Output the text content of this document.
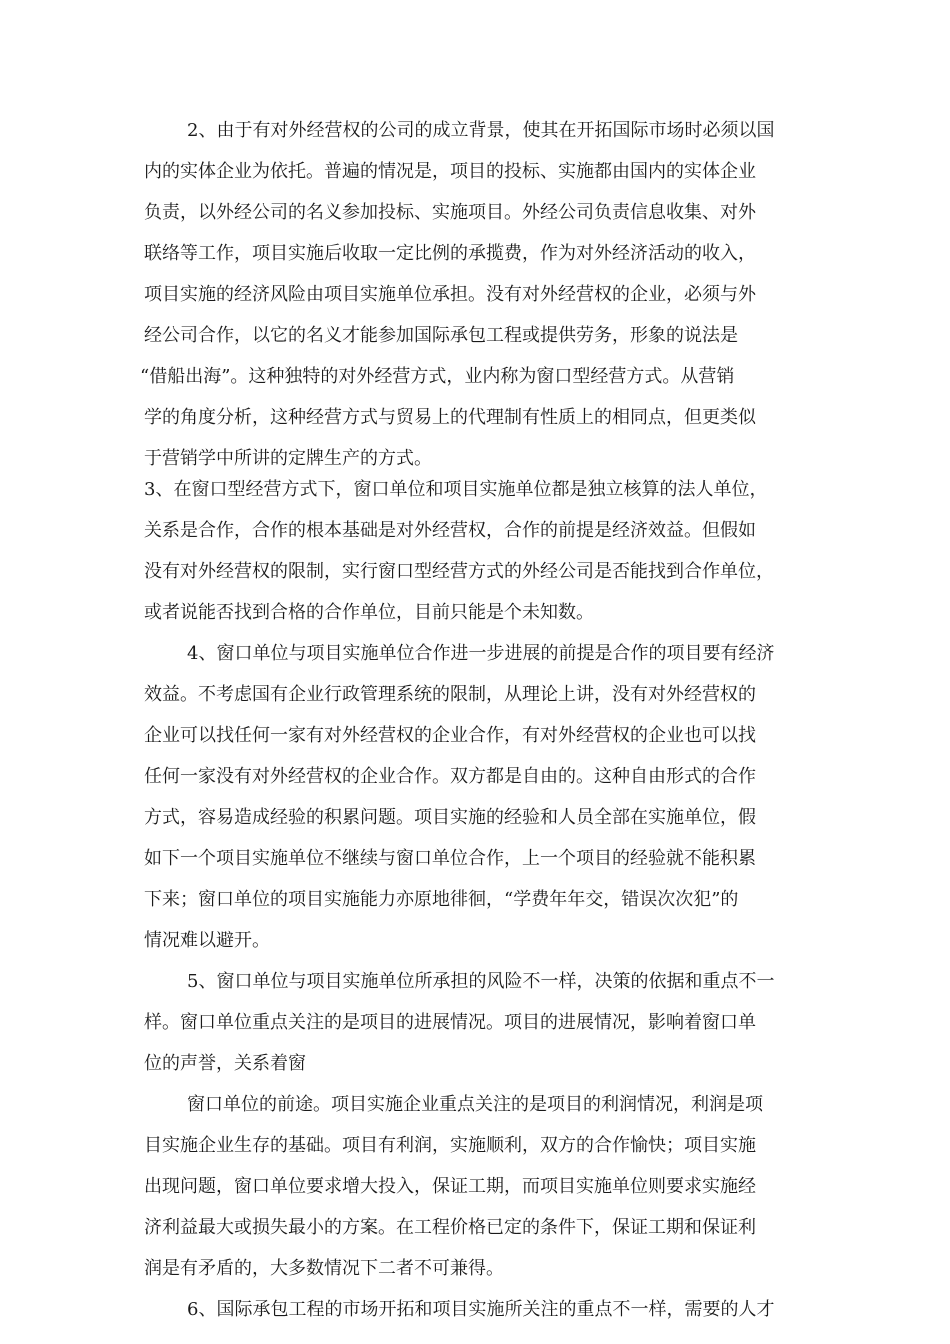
2、由于有对外经营权的公司的成立背景，使其在开拓国际市场时必须以国
内的实体企业为依托。普遍的情况是，项目的投标、实施都由国内的实体企业
负责，以外经公司的名义参加投标、实施项目。外经公司负责信息收集、对外
联络等工作，项目实施后收取一定比例的承揽费，作为对外经济活动的收入，
项目实施的经济风险由项目实施单位承担。没有对外经营权的企业，必须与外
经公司合作，以它的名义才能参加国际承包工程或提供劳务，形象的说法是
“借船出海”。这种独特的对外经营方式，业内称为窗口型经营方式。从营销
学的角度分析，这种经营方式与贸易上的代理制有性质上的相同点，但更类似
于营销学中所讲的定牌生产的方式。
3、在窗口型经营方式下，窗口单位和项目实施单位都是独立核算的法人单位，
关系是合作，合作的根本基础是对外经营权，合作的前提是经济效益。但假如
没有对外经营权的限制，实行窗口型经营方式的外经公司是否能找到合作单位，
或者说能否找到合格的合作单位，目前只能是个未知数。
4、窗口单位与项目实施单位合作进一步进展的前提是合作的项目要有经济
效益。不考虑国有企业行政管理系统的限制，从理论上讲，没有对外经营权的
企业可以找任何一家有对外经营权的企业合作，有对外经营权的企业也可以找
任何一家没有对外经营权的企业合作。双方都是自由的。这种自由形式的合作
方式，容易造成经验的积累问题。项目实施的经验和人员全部在实施单位，假
如下一个项目实施单位不继续与窗口单位合作，上一个项目的经验就不能积累
下来；窗口单位的项目实施能力亦原地徘徊，“学费年年交，错误次次犯”的
情况难以避开。
5、窗口单位与项目实施单位所承担的风险不一样，决策的依据和重点不一
样。窗口单位重点关注的是项目的进展情况。项目的进展情况，影响着窗口单
位的声誉，关系着窗
窗口单位的前途。项目实施企业重点关注的是项目的利润情况，利润是项
目实施企业生存的基础。项目有利润，实施顺利，双方的合作愉快；项目实施
出现问题，窗口单位要求增大投入，保证工期，而项目实施单位则要求实施经
济利益最大或损失最小的方案。在工程价格已定的条件下，保证工期和保证利
润是有矛盾的，大多数情况下二者不可兼得。
6、国际承包工程的市场开拓和项目实施所关注的重点不一样，需要的人才
